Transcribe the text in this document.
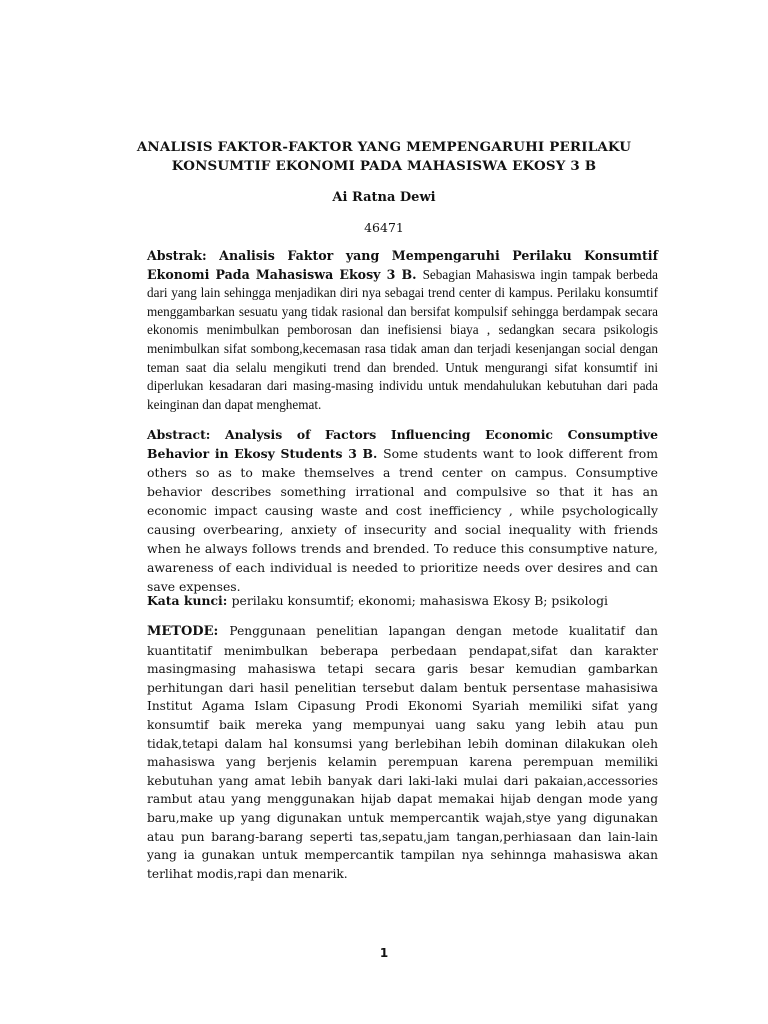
ANALISIS FAKTOR-FAKTOR YANG MEMPENGARUHI PERILAKU
KONSUMTIF EKONOMI PADA MAHASISWA EKOSY 3 B
Ai Ratna Dewi
46471
Abstrak: Analisis Faktor yang Mempengaruhi Perilaku Konsumtif Ekonomi Pada Mahasiswa Ekosy 3 B. Sebagian Mahasiswa ingin tampak berbeda dari yang lain sehingga menjadikan diri nya sebagai trend center di kampus. Perilaku konsumtif menggambarkan sesuatu yang tidak rasional dan bersifat kompulsif sehingga berdampak secara ekonomis menimbulkan pemborosan dan inefisiensi biaya , sedangkan secara psikologis menimbulkan sifat sombong,kecemasan rasa tidak aman dan terjadi kesenjangan social dengan teman saat dia selalu mengikuti trend dan brended. Untuk mengurangi sifat konsumtif ini diperlukan kesadaran dari masing-masing individu untuk mendahulukan kebutuhan dari pada keinginan dan dapat menghemat.
Abstract: Analysis of Factors Influencing Economic Consumptive Behavior in Ekosy Students 3 B. Some students want to look different from others so as to make themselves a trend center on campus. Consumptive behavior describes something irrational and compulsive so that it has an economic impact causing waste and cost inefficiency , while psychologically causing overbearing, anxiety of insecurity and social inequality with friends when he always follows trends and brended. To reduce this consumptive nature, awareness of each individual is needed to prioritize needs over desires and can save expenses.
Kata kunci: perilaku konsumtif; ekonomi; mahasiswa Ekosy B; psikologi
METODE: Penggunaan penelitian lapangan dengan metode kualitatif dan kuantitatif menimbulkan beberapa perbedaan pendapat,sifat dan karakter masingmasing mahasiswa tetapi secara garis besar kemudian gambarkan perhitungan dari hasil penelitian tersebut dalam bentuk persentase mahasisiwa Institut Agama Islam Cipasung Prodi Ekonomi Syariah memiliki sifat yang konsumtif baik mereka yang mempunyai uang saku yang lebih atau pun tidak,tetapi dalam hal konsumsi yang berlebihan lebih dominan dilakukan oleh mahasiswa yang berjenis kelamin perempuan karena perempuan memiliki kebutuhan yang amat lebih banyak dari laki-laki mulai dari pakaian,accessories rambut atau yang menggunakan hijab dapat memakai hijab dengan mode yang baru,make up yang digunakan untuk mempercantik wajah,stye yang digunakan atau pun barang-barang seperti tas,sepatu,jam tangan,perhiasaan dan lain-lain yang ia gunakan untuk mempercantik tampilan nya sehinnga mahasiswa akan terlihat modis,rapi dan menarik.
1
